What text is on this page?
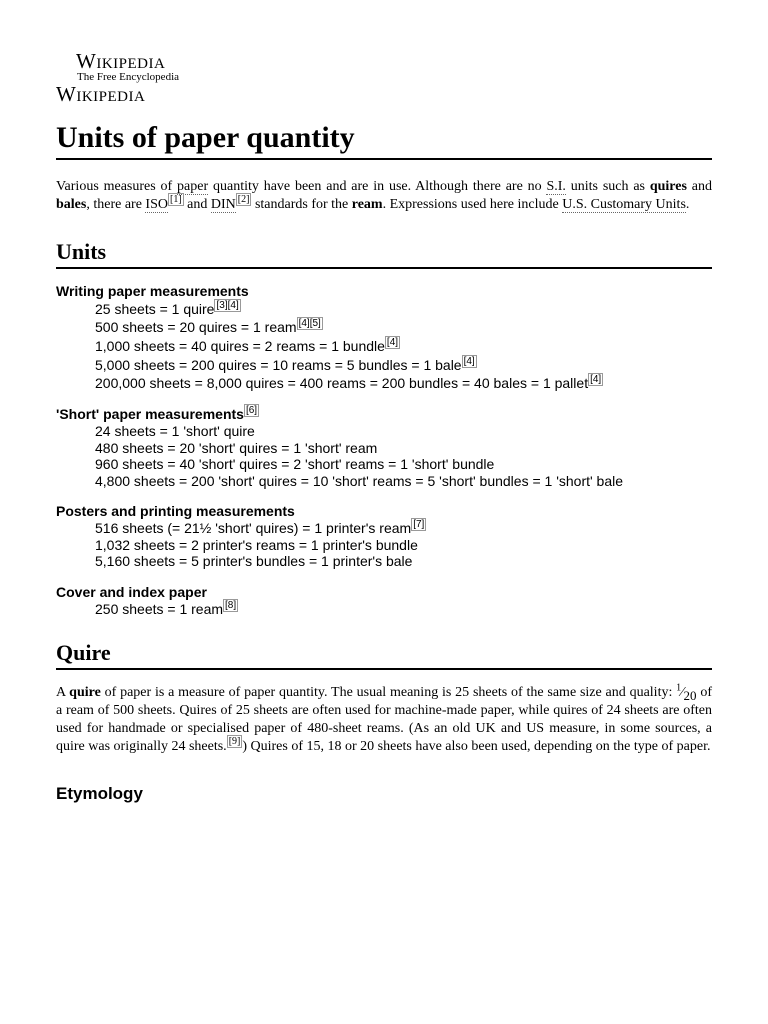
Wikipedia
The Free Encyclopedia
Wikipedia
Units of paper quantity

Various measures of paper quantity have been and are in use. Although there are no S.I. units such as quires and bales, there are ISO [1] and DIN [2] standards for the ream. Expressions used here include U.S. Customary Units.

Units
Writing paper measurements
25 sheets = 1 quire [3][4]
500 sheets = 20 quires = 1 ream [4][5]
1,000 sheets = 40 quires = 2 reams = 1 bundle [4]
5,000 sheets = 200 quires = 10 reams = 5 bundles = 1 bale [4]
200,000 sheets = 8,000 quires = 400 reams = 200 bundles = 40 bales = 1 pallet [4]
'Short' paper measurements [6]
24 sheets = 1 'short' quire
480 sheets = 20 'short' quires = 1 'short' ream
960 sheets = 40 'short' quires = 2 'short' reams = 1 'short' bundle
4,800 sheets = 200 'short' quires = 10 'short' reams = 5 'short' bundles = 1 'short' bale
Posters and printing measurements
516 sheets (= 21½ 'short' quires) = 1 printer's ream [7]
1,032 sheets = 2 printer's reams = 1 printer's bundle
5,160 sheets = 5 printer's bundles = 1 printer's bale
Cover and index paper
250 sheets = 1 ream [8]
Quire

A quire of paper is a measure of paper quantity. The usual meaning is 25 sheets of the same size and quality: $^1$⁄20 of a ream of 500 sheets. Quires of 25 sheets are often used for machine-made paper, while quires of 24 sheets are often used for handmade or specialised paper of 480-sheet reams. (As an old UK and US measure, in some sources, a quire was originally 24 sheets. [9] ) Quires of 15, 18 or 20 sheets have also been used, depending on the type of paper.

Etymology
